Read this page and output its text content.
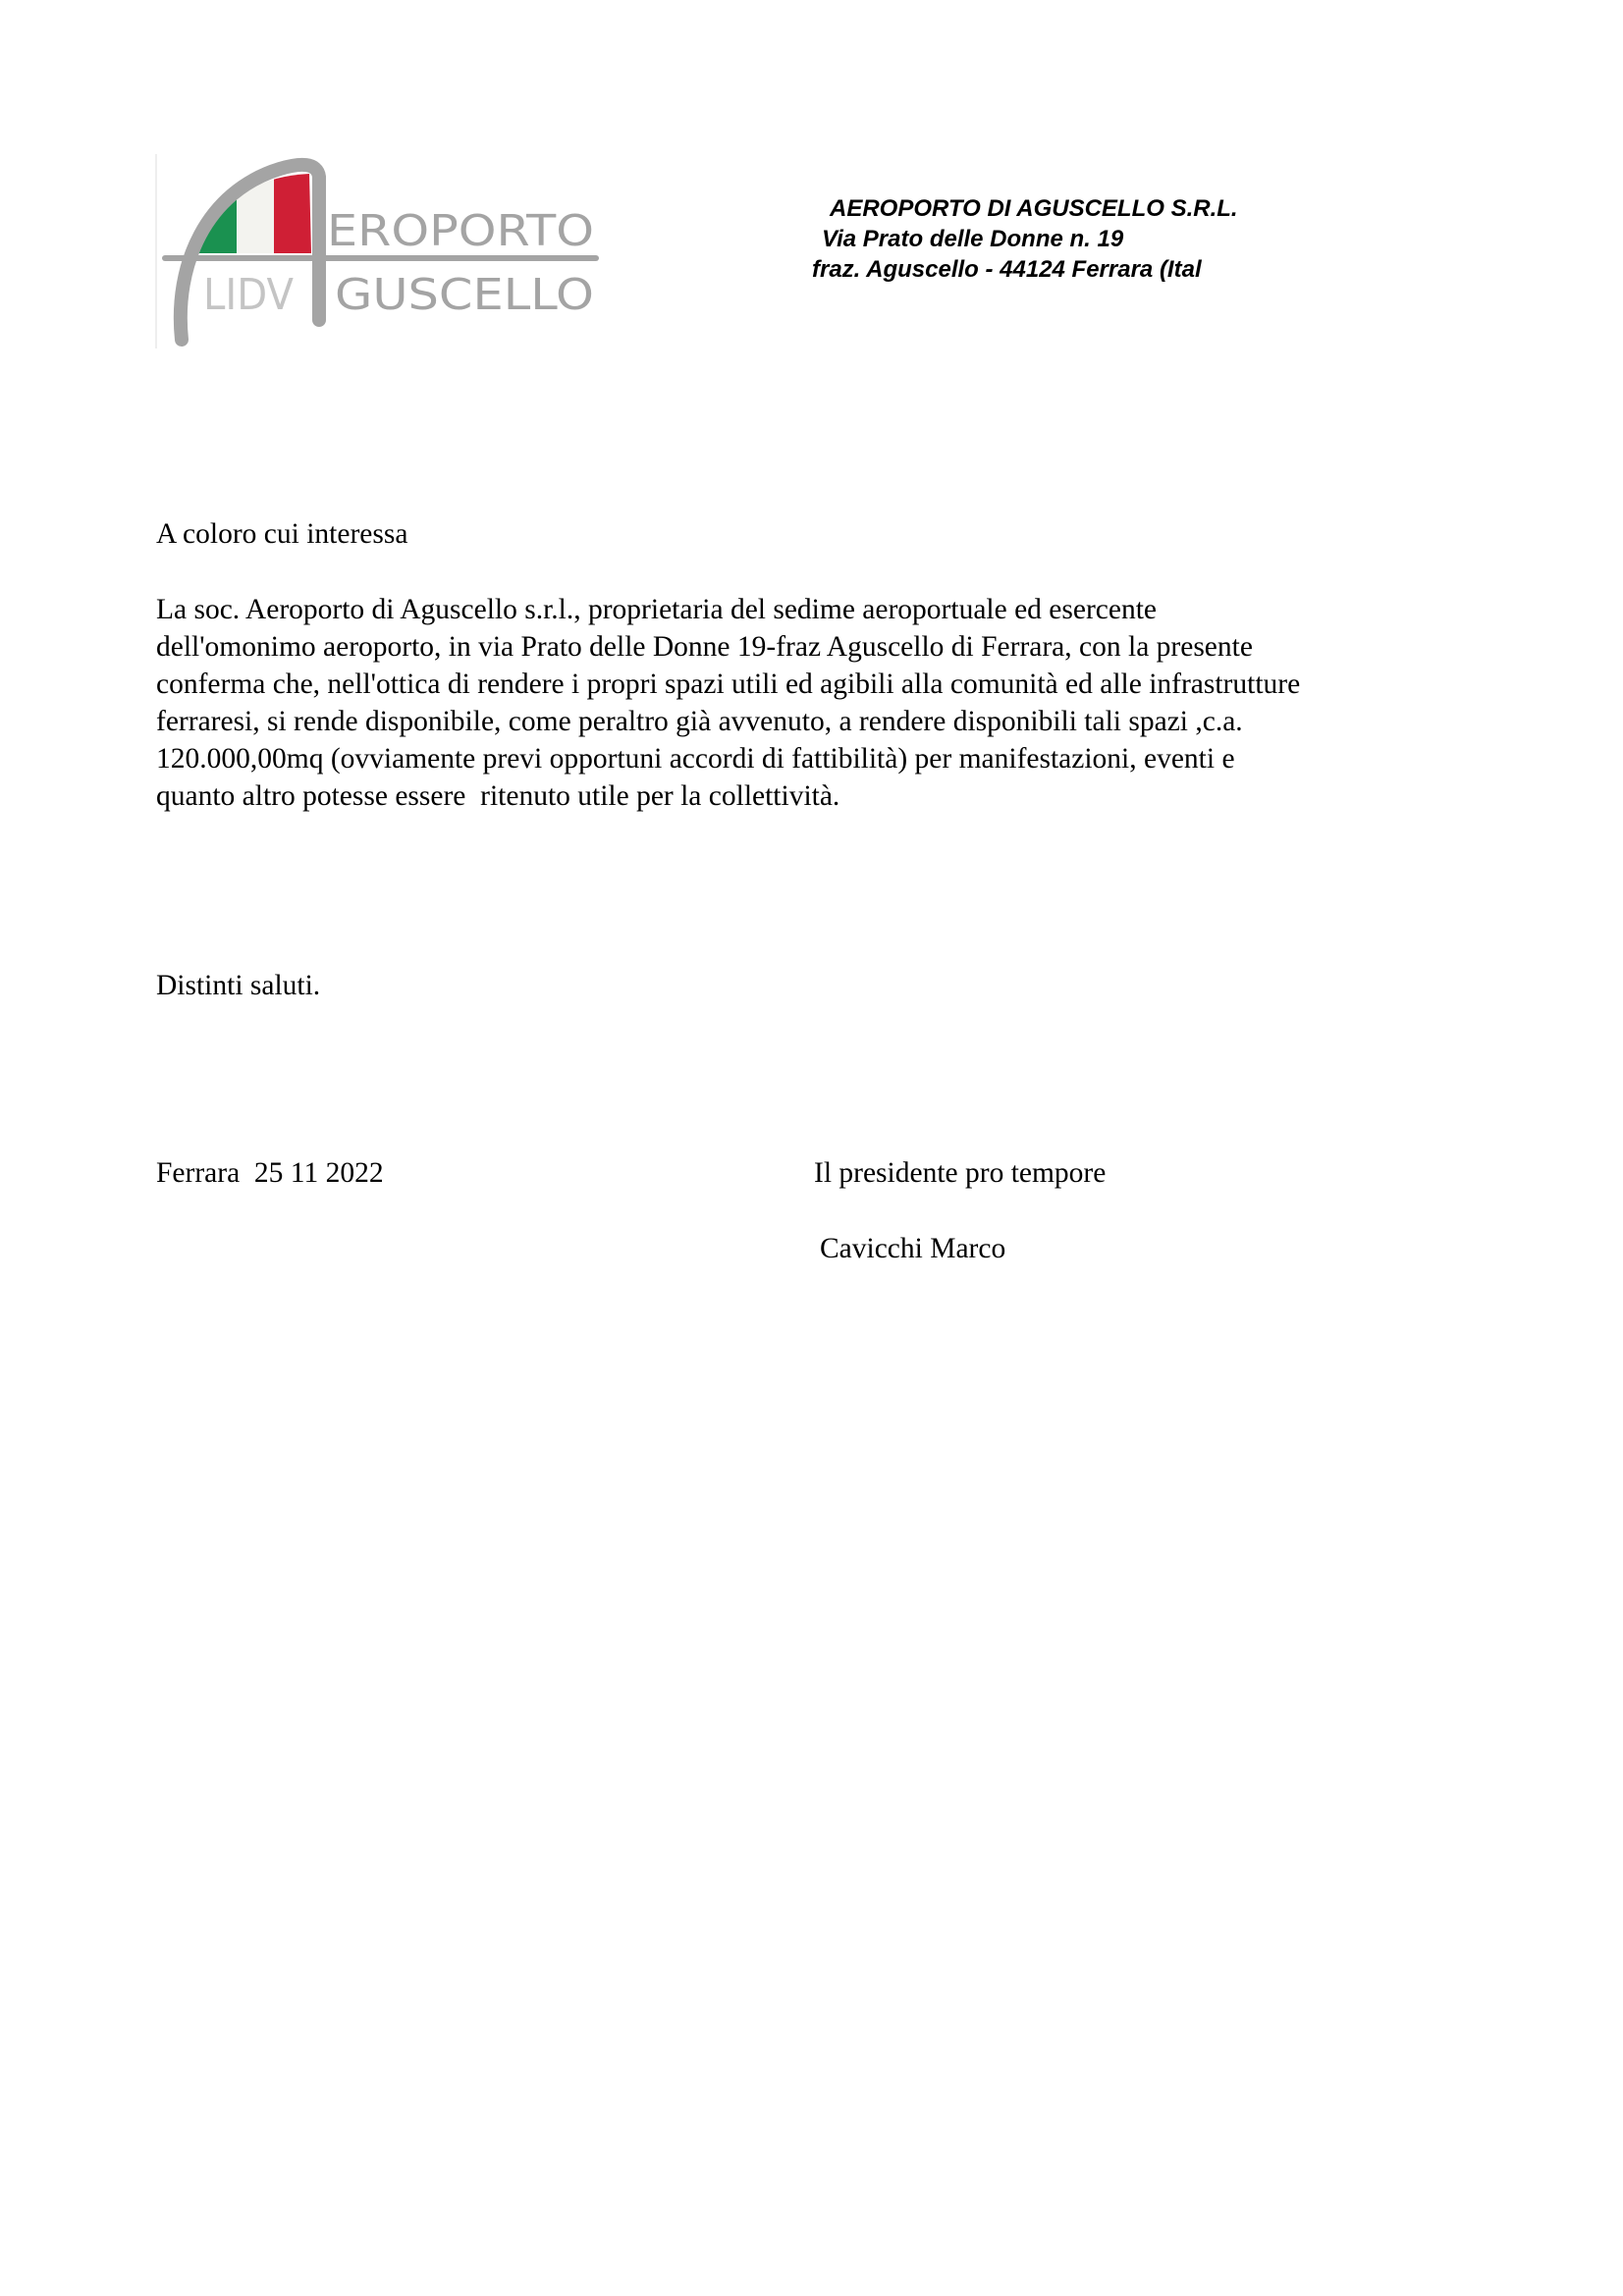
EROPORTO
GUSCELLO
LIDV
AEROPORTO DI AGUSCELLO S.R.L.
Via Prato delle Donne n. 19
fraz. Aguscello - 44124 Ferrara (Ital
A coloro cui interessa
La soc. Aeroporto di Aguscello s.r.l., proprietaria del sedime aeroportuale ed esercente
dell'omonimo aeroporto, in via Prato delle Donne 19-fraz Aguscello di Ferrara, con la presente
conferma che, nell'ottica di rendere i propri spazi utili ed agibili alla comunità ed alle infrastrutture
ferraresi, si rende disponibile, come peraltro già avvenuto, a rendere disponibili tali spazi ,c.a.
120.000,00mq (ovviamente previ opportuni accordi di fattibilità) per manifestazioni, eventi e
quanto altro potesse essere  ritenuto utile per la collettività.
Distinti saluti.
Ferrara  25 11 2022	Il presidente pro tempore
Cavicchi Marco
